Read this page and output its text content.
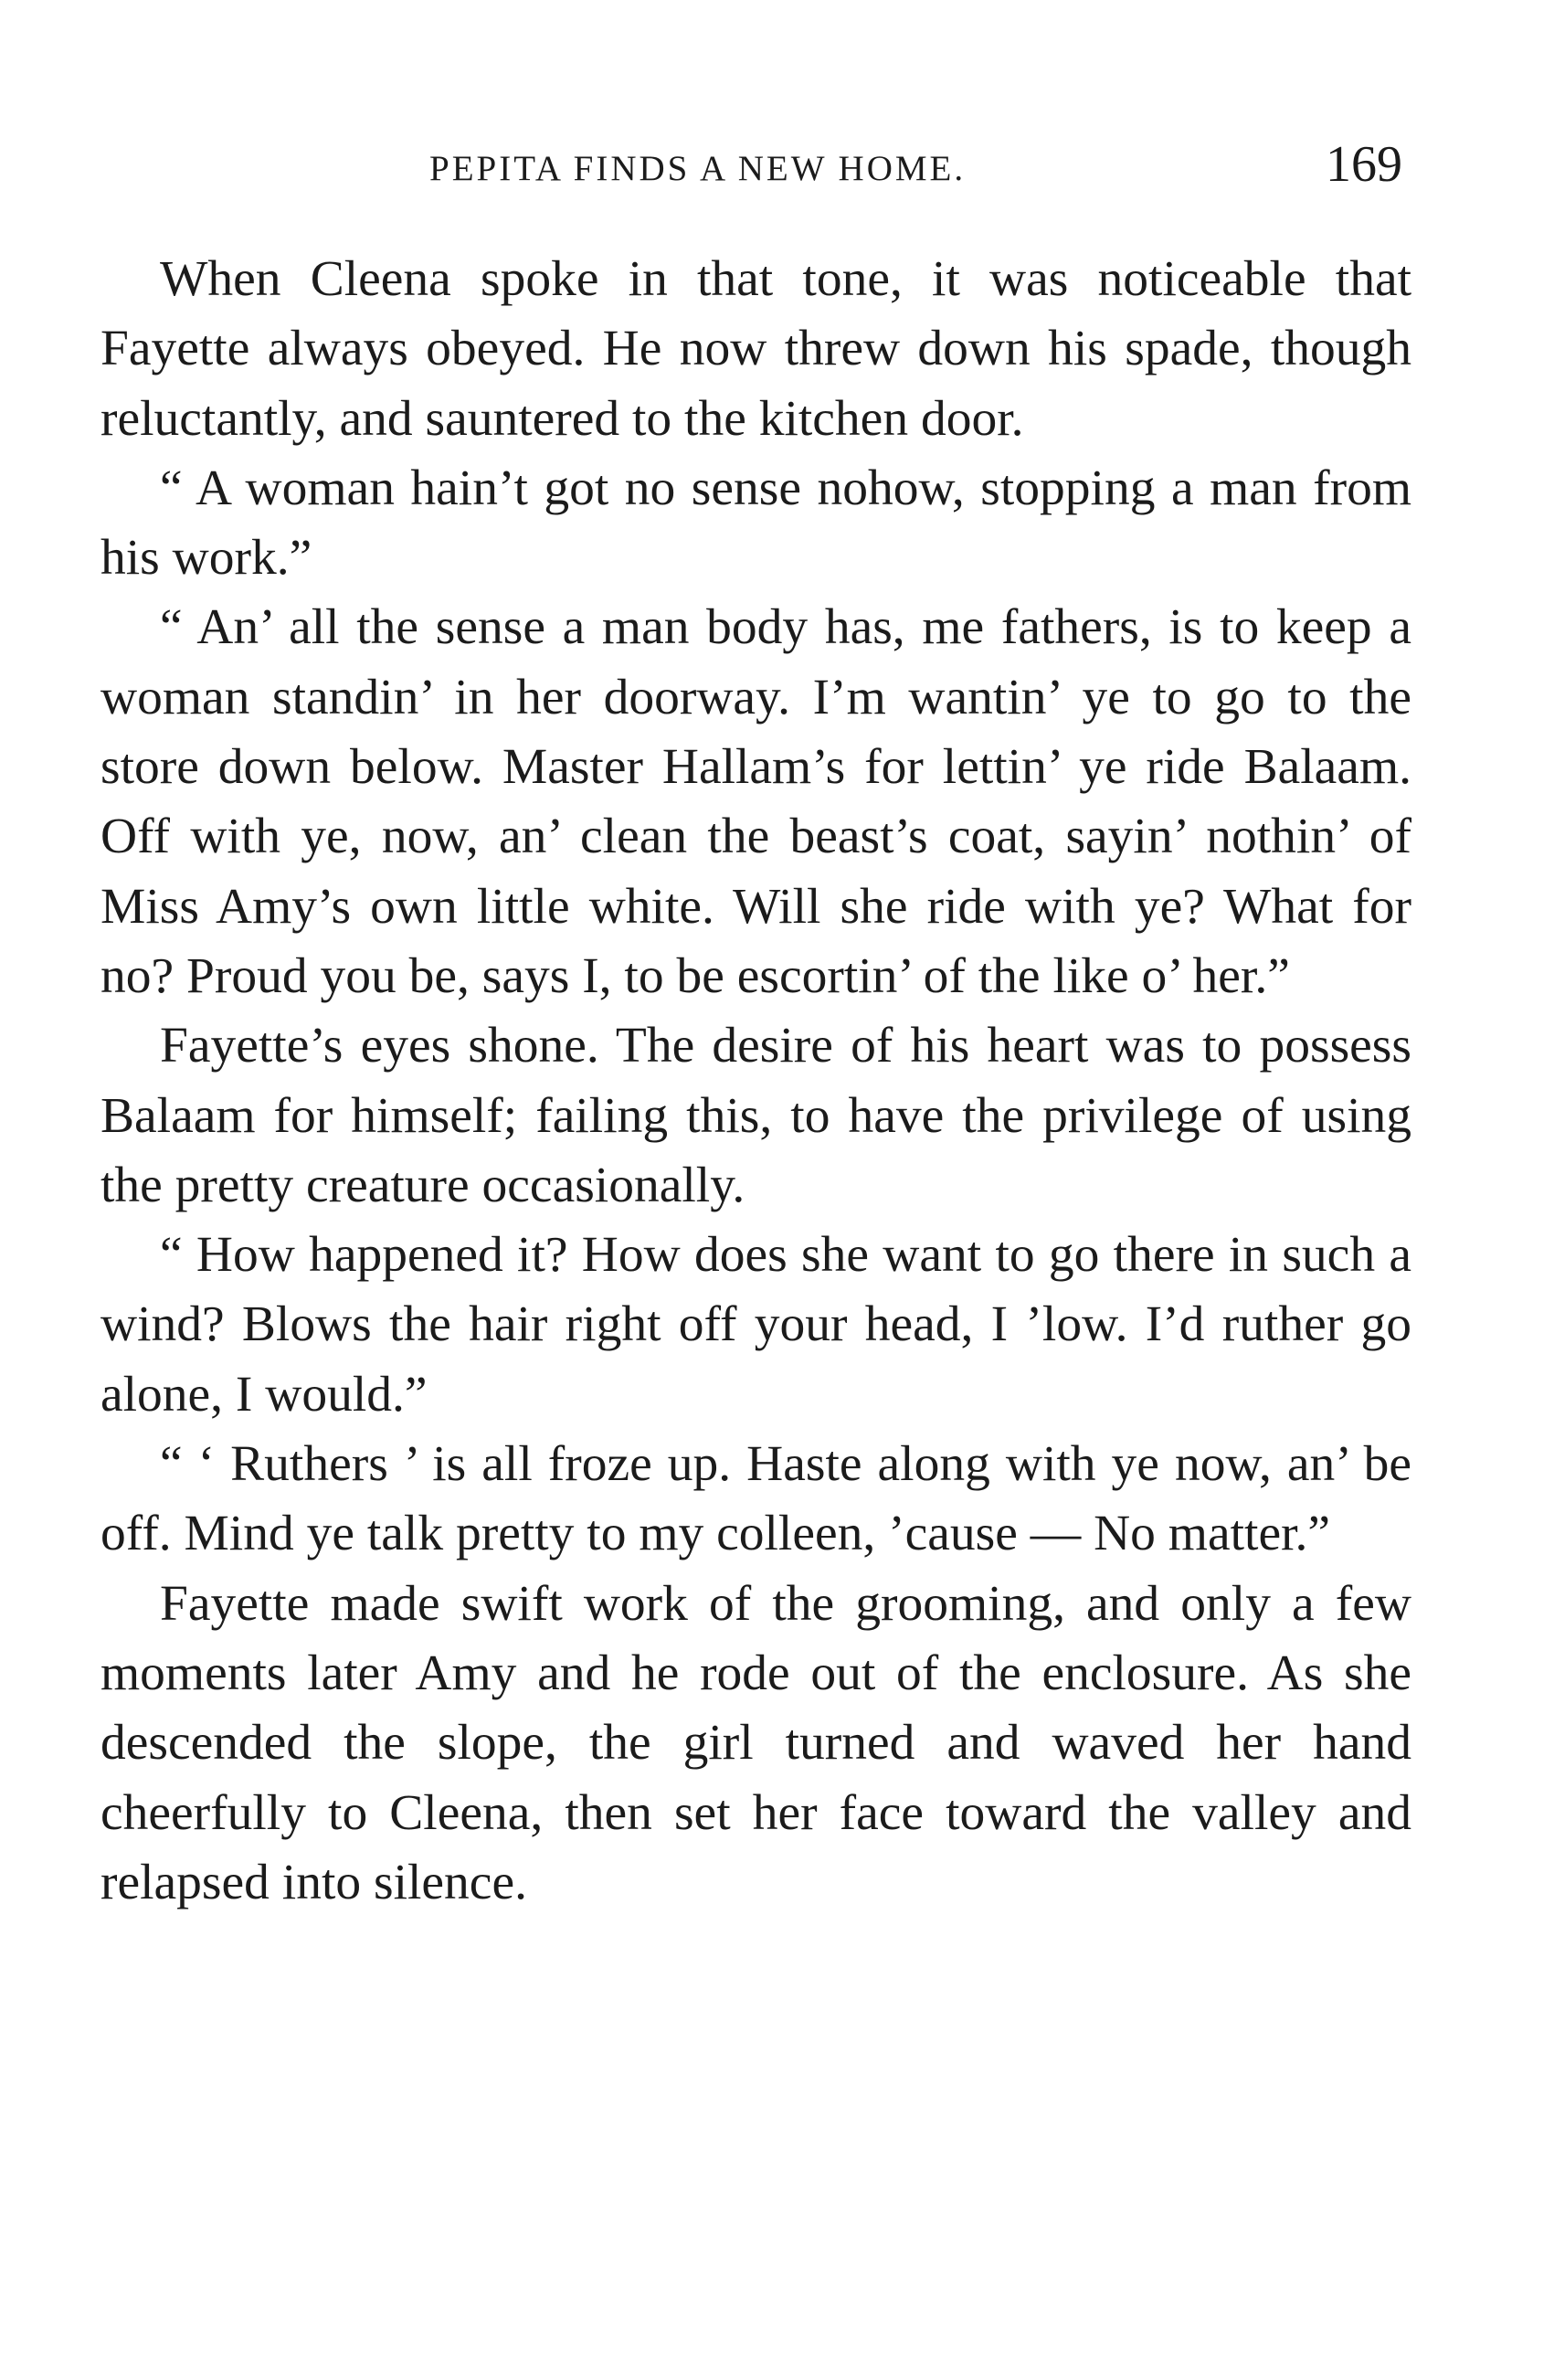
PEPITA FINDS A NEW HOME.	169

When Cleena spoke in that tone, it was noticeable that Fayette always obeyed. He now threw down his spade, though reluctantly, and sauntered to the kitchen door.

“ A woman hain’t got no sense nohow, stopping a man from his work.”

“ An’ all the sense a man body has, me fathers, is to keep a woman standin’ in her doorway. I’m wantin’ ye to go to the store down below. Master Hallam’s for lettin’ ye ride Balaam. Off with ye, now, an’ clean the beast’s coat, sayin’ nothin’ of Miss Amy’s own little white. Will she ride with ye? What for no? Proud you be, says I, to be escortin’ of the like o’ her.”

Fayette’s eyes shone. The desire of his heart was to possess Balaam for himself; failing this, to have the privilege of using the pretty creature occasionally.

“ How happened it? How does she want to go there in such a wind? Blows the hair right off your head, I ’low. I’d ruther go alone, I would.”

“ ‘ Ruthers ’ is all froze up. Haste along with ye now, an’ be off. Mind ye talk pretty to my colleen, ’cause — No matter.”

Fayette made swift work of the grooming, and only a few moments later Amy and he rode out of the enclosure. As she descended the slope, the girl turned and waved her hand cheerfully to Cleena, then set her face toward the valley and relapsed into silence.
